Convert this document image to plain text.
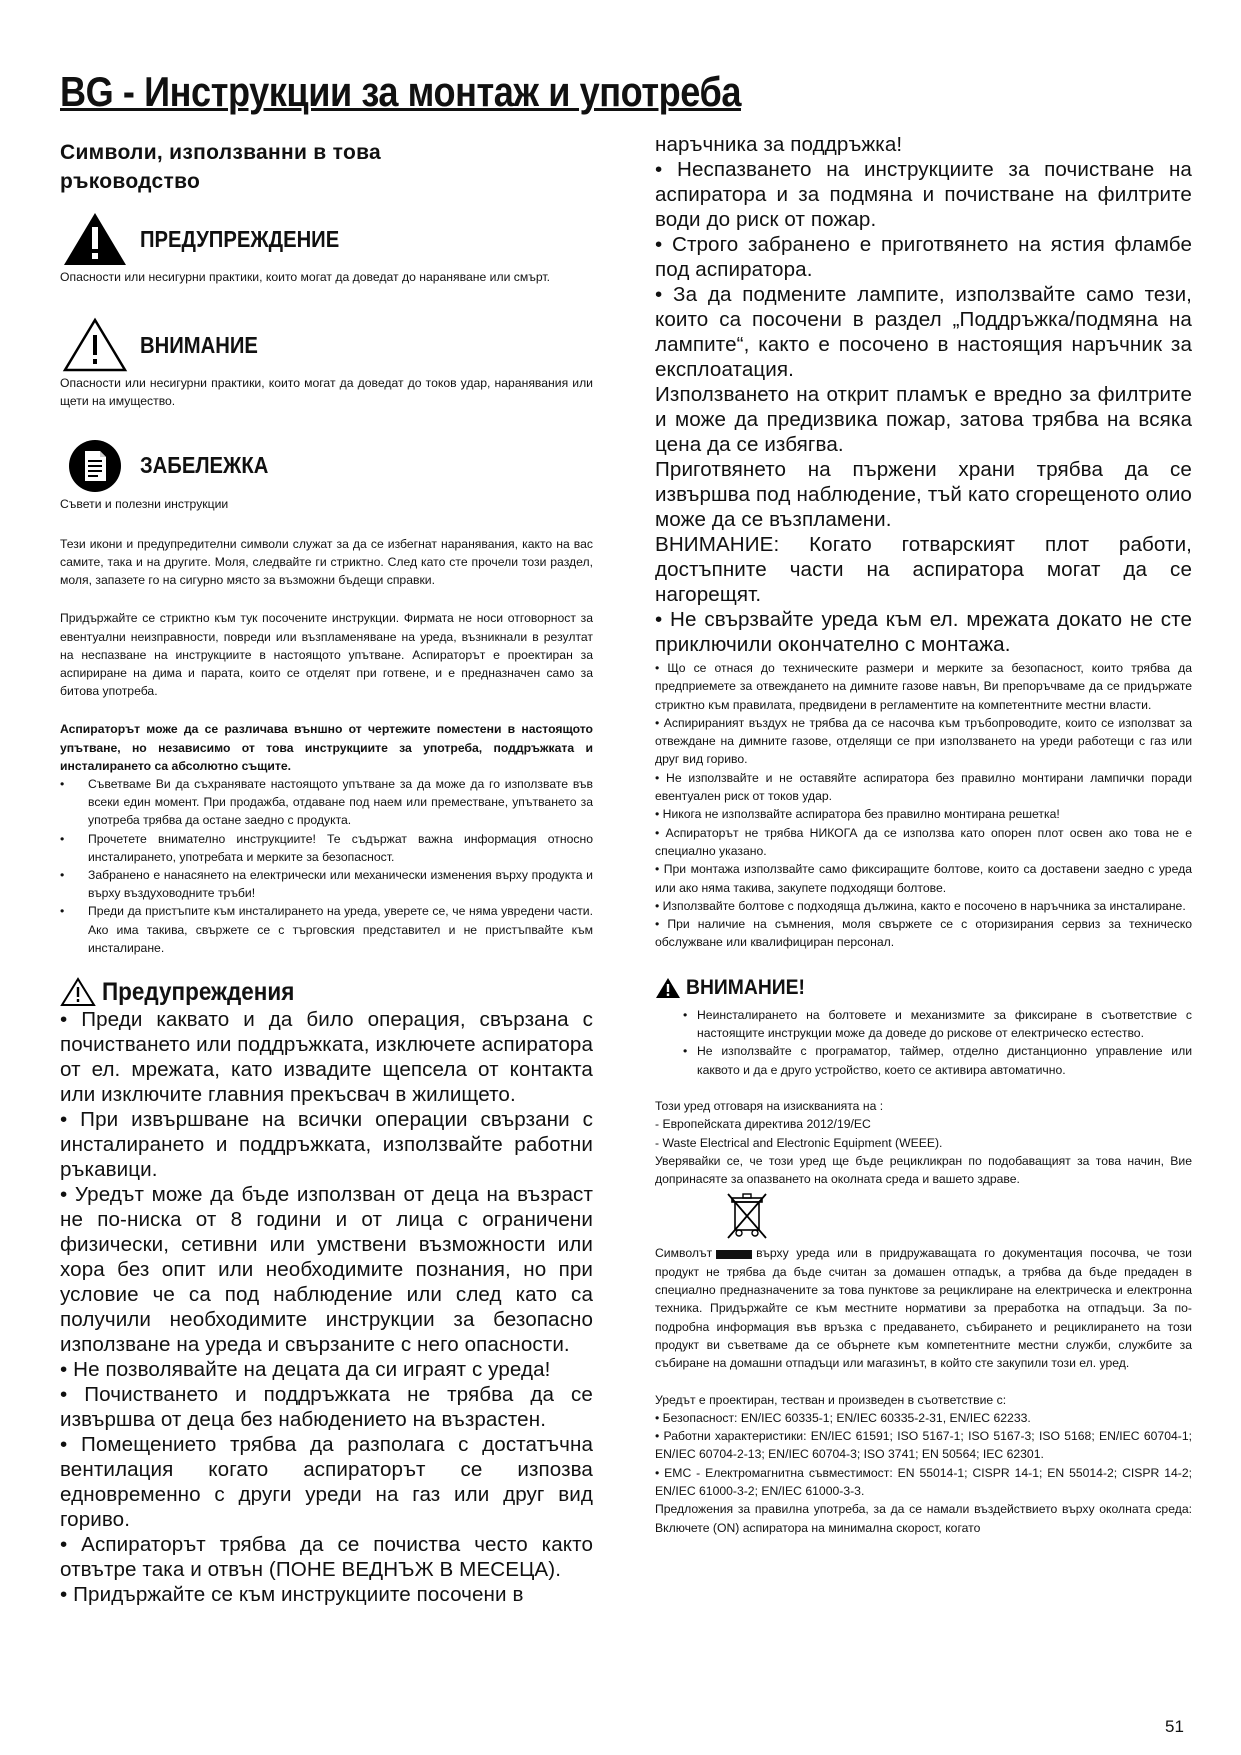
BG - Инструкции за монтаж и употреба
Символи, използванни в това
ръководство
ПРЕДУПРЕЖДЕНИЕ

Опасности или несигурни практики, които могат да доведат до нараняване или смърт.

ВНИМАНИЕ

Опасности или несигурни практики, които могат да доведат до токов удар, наранявания или щети на имущество.

ЗАБЕЛЕЖКА

Съвети и полезни инструкции

Тези икони и предупредителни символи служат за да се избегнат наранявания, както на вас самите, така и на другите. Моля, следвайте ги стриктно. След като сте прочели този раздел, моля, запазете го на сигурно място за възможни бъдещи справки.

Придържайте се стриктно към тук посочените инструкции. Фирмата не носи отговорност за евентуални неизправности, повреди или възпламеняване на уреда, възникнали в резултат на неспазване на инструкциите в настоящото упътване. Аспираторът е проектиран за аспириране на дима и парата, които се отделят при готвене, и е предназначен само за битова употреба.

Аспираторът може да се различава външно от чертежите поместени в настоящото упътване, но независимо от това инструкциите за употреба, поддръжката и инсталирането са абсолютно същите.

• Съветваме Ви да съхранявате настоящото упътване за да може да го използвате във всеки един момент. При продажба, отдаване под наем или преместване, упътването за употреба трябва да остане заедно с продукта.
• Прочетете внимателно инструкциите! Те съдържат важна информация относно инсталирането, употребата и мерките за безопасност.
• Забранено е нанасянето на електрически или механически изменения върху продукта и върху въздуховодните тръби!
• Преди да пристъпите към инсталирането на уреда, уверете се, че няма увредени части. Ако има такива, свържете се с търговския представител и не пристъпвайте към инсталиране.
Предупреждения

• Преди каквато и да било операция, свързана с почистването или поддръжката, изключете аспиратора от ел. мрежата, като извадите щепсела от контакта или изключите главния прекъсвач в жилището.

• При извършване на всички операции свързани с инсталирането и поддръжката, използвайте работни ръкавици.

• Уредът може да бъде използван от деца на възраст не по-ниска от 8 години и от лица с ограничени физически, сетивни или умствени възможности или хора без опит или необходимите познания, но при условие че са под наблюдение или след като са получили необходимите инструкции за безопасно използване на уреда и свързаните с него опасности.

• Не позволявайте на децата да си играят с уреда!

• Почистването и поддръжката не трябва да се извършва от деца без набюдението на възрастен.

• Помещението трябва да разполага с достатъчна вентилация когато аспираторът се изпозва едновременно с други уреди на газ или друг вид гориво.

• Аспираторът трябва да се почиства често както отвътре така и отвън (ПОНЕ ВЕДНЪЖ В МЕСЕЦА).

• Придържайте се към инструкциите посочени в

наръчника за поддръжка!

• Неспазването на инструкциите за почистване на аспиратора и за подмяна и почистване на филтрите води до риск от пожар.

• Строго забранено е приготвянето на ястия фламбе под аспиратора.

• За да подмените лампите, използвайте само тези, които са посочени в раздел „Поддръжка/подмяна на лампите“, както е посочено в настоящия наръчник за експлоатация.

Използването на открит пламък е вредно за филтрите и може да предизвика пожар, затова трябва на всяка цена да се избягва.

Приготвянето на пържени храни трябва да се извършва под наблюдение, тъй като сгорещеното олио може да се възпламени.

ВНИМАНИЕ: Когато готварският плот работи, достъпните части на аспиратора могат да се нагорещят.

• Не свързвайте уреда към ел. мрежата докато не сте приключили окончателно с монтажа.

• Що се отнася до техническите размери и мерките за безопасност, които трябва да предприемете за отвеждането на димните газове навън, Ви препоръчваме да се придържате стриктно към правилата, предвидени в регламентите на компетентните местни власти.

• Аспирираният въздух не трябва да се насочва към тръбопроводите, които се използват за отвеждане на димните газове, отделящи се при използването на уреди работещи с газ или друг вид гориво.

• Не използвайте и не оставяйте аспиратора без правилно монтирани лампички поради евентуален риск от токов удар.

• Никога не използвайте аспиратора без правилно монтирана решетка!

• Аспираторът не трябва НИКОГА да се използва като опорен плот освен ако това не е специално указано.

• При монтажа използвайте само фиксиращите болтове, които са доставени заедно с уреда или ако няма такива, закупете подходящи болтове.

• Използвайте болтове с подходяща дължина, както е посочено в наръчника за инсталиране.

• При наличие на съмнения, моля свържете се с оторизирания сервиз за техническо обслужване или квалифициран персонал.

ВНИМАНИЕ!
• Неинсталирането на болтовете и механизмите за фиксиране в съответствие с настоящите инструкции може да доведе до рискове от електрическо естество.
• Не използвайте с програматор, таймер, отделно дистанционно управление или каквото и да е друго устройство, което се активира автоматично.

Този уред отговаря на изискванията на :

- Европейската директива 2012/19/EC

- Waste Electrical and Electronic Equipment (WEEE).

Уверявайки се, че този уред ще бъде рецикликран по подобаващият за това начин, Вие допринасяте за опазването на околната среда и вашето здраве.

Символът	върху уреда или в придружаващата го документация посочва, че този продукт не трябва да бъде считан за домашен отпадък, а трябва да бъде предаден в специално предназначените за това пунктове за рециклиране на електрическа и електронна техника. Придържайте се към местните нормативи за преработка на отпадъци. За по-подробна информация във връзка с предаването, събирането и рециклирането на този продукт ви съветваме да се обърнете към компетентните местни служби, службите за събиране на домашни отпадъци или магазинът, в който сте закупили този ел. уред.

Уредът е проектиран, тестван и произведен в съответствие с:

• Безопасност: EN/IEC 60335-1; EN/IEC 60335-2-31, EN/IEC 62233.

• Работни характеристики: EN/IEC 61591; ISO 5167-1; ISO 5167-3; ISO 5168; EN/IEC 60704-1; EN/IEC 60704-2-13; EN/IEC 60704-3; ISO 3741; EN 50564; IEC 62301.

• EMC - Електромагнитна съвместимост: EN 55014-1; CISPR 14-1; EN 55014-2; CISPR 14-2; EN/IEC 61000-3-2; EN/IEC 61000-3-3.

Предложения за правилна употреба, за да се намали въздействието върху околната среда: Включете (ON) аспиратора на минимална скорост, когато

51
